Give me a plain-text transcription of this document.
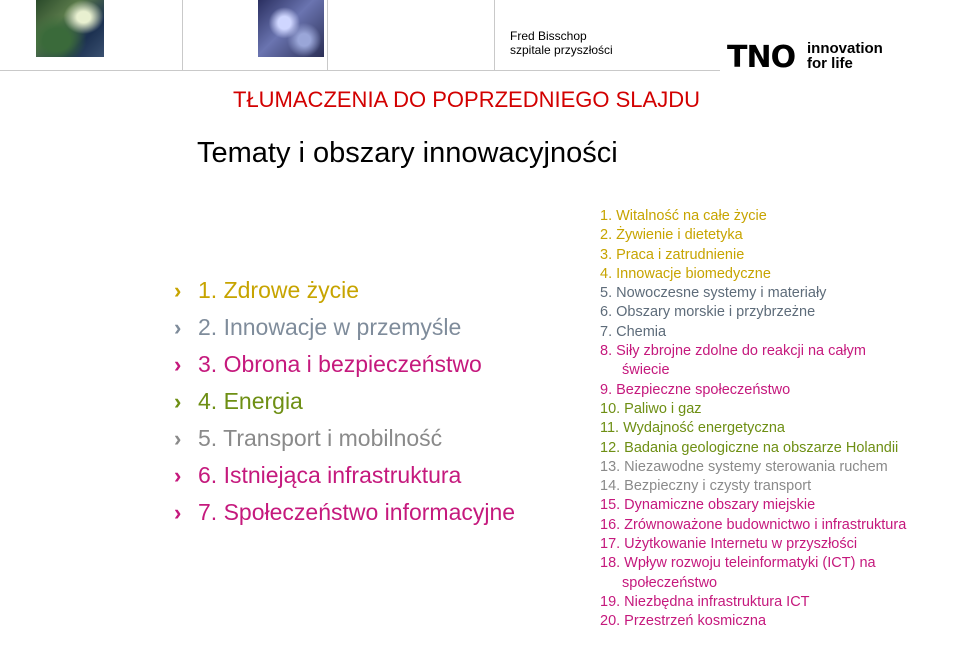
Fred Bisschop
szpitale przyszłości	TNO innovation
for life
TŁUMACZENIA DO POPRZEDNIEGO SLAJDU
Tematy i obszary innowacyjności
› 1. Zdrowe życie
› 2. Innowacje w przemyśle
› 3. Obrona i bezpieczeństwo
› 4. Energia
› 5. Transport i mobilność
› 6. Istniejąca infrastruktura
› 7. Społeczeństwo informacyjne
1. Witalność na całe życie
2. Żywienie i dietetyka
3. Praca i zatrudnienie
4. Innowacje biomedyczne
5. Nowoczesne systemy i materiały
6. Obszary morskie i przybrzeżne
7. Chemia
8. Siły zbrojne zdolne do reakcji na całym
świecie
9. Bezpieczne społeczeństwo
10. Paliwo i gaz
11. Wydajność energetyczna
12. Badania geologiczne na obszarze Holandii
13. Niezawodne systemy sterowania ruchem
14. Bezpieczny i czysty transport
15. Dynamiczne obszary miejskie
16. Zrównoważone budownictwo i infrastruktura
17. Użytkowanie Internetu w przyszłości
18. Wpływ rozwoju teleinformatyki (ICT) na
społeczeństwo
19. Niezbędna infrastruktura ICT
20. Przestrzeń kosmiczna
